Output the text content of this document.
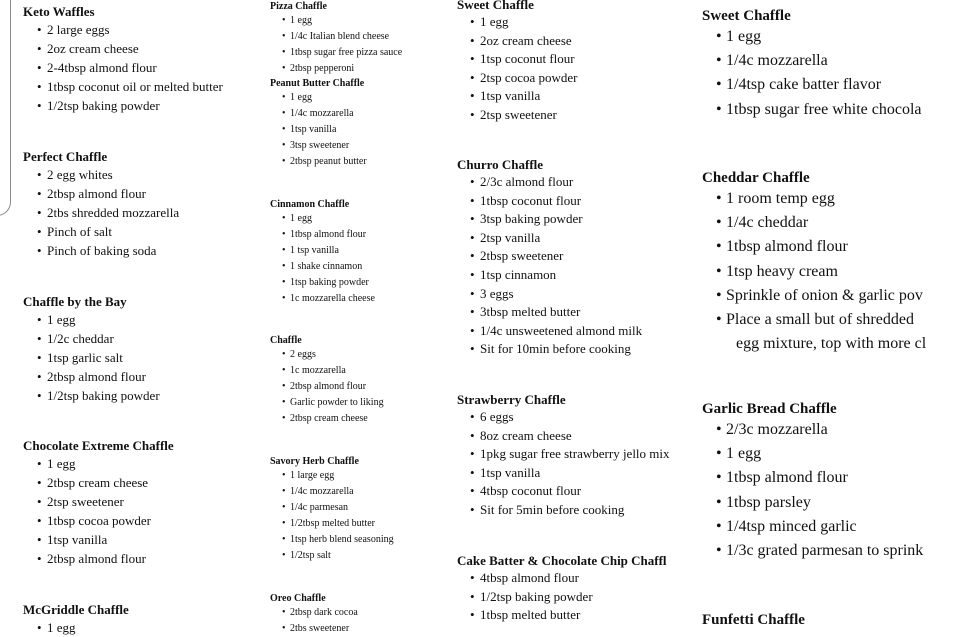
Keto Waffles
• 2 large eggs
• 2oz cream cheese
• 2-4tbsp almond flour
• 1tbsp coconut oil or melted butter
• 1/2tsp baking powder
Perfect Chaffle
• 2 egg whites
• 2tbsp almond flour
• 2tbs shredded mozzarella
• Pinch of salt
• Pinch of baking soda
Chaffle by the Bay
• 1 egg
• 1/2c cheddar
• 1tsp garlic salt
• 2tbsp almond flour
• 1/2tsp baking powder
Chocolate Extreme Chaffle
• 1 egg
• 2tbsp cream cheese
• 2tsp sweetener
• 1tbsp cocoa powder
• 1tsp vanilla
• 2tbsp almond flour
McGriddle Chaffle
• 1 egg
Pizza Chaffle
• 1 egg
• 1/4c Italian blend cheese
• 1tbsp sugar free pizza sauce
• 2tbsp pepperoni
Peanut Butter Chaffle
• 1 egg
• 1/4c mozzarella
• 1tsp vanilla
• 3tsp sweetener
• 2tbsp peanut butter
Cinnamon Chaffle
• 1 egg
• 1tbsp almond flour
• 1 tsp vanilla
• 1 shake cinnamon
• 1tsp baking powder
• 1c mozzarella cheese
Chaffle
• 2 eggs
• 1c mozzarella
• 2tbsp almond flour
• Garlic powder to liking
• 2tbsp cream cheese
Savory Herb Chaffle
• 1 large egg
• 1/4c mozzarella
• 1/4c parmesan
• 1/2tbsp melted butter
• 1tsp herb blend seasoning
• 1/2tsp salt
Oreo Chaffle
• 2tbsp dark cocoa
• 2tbs sweetener
Sweet Chaffle
• 1 egg
• 2oz cream cheese
• 1tsp coconut flour
• 2tsp cocoa powder
• 1tsp vanilla
• 2tsp sweetener
Churro Chaffle
• 2/3c almond flour
• 1tbsp coconut flour
• 3tsp baking powder
• 2tsp vanilla
• 2tbsp sweetener
• 1tsp cinnamon
• 3 eggs
• 3tbsp melted butter
• 1/4c unsweetened almond milk
• Sit for 10min before cooking
Strawberry Chaffle
• 6 eggs
• 8oz cream cheese
• 1pkg sugar free strawberry jello mix
• 1tsp vanilla
• 4tbsp coconut flour
• Sit for 5min before cooking
Cake Batter & Chocolate Chip Chaffl
• 4tbsp almond flour
• 1/2tsp baking powder
• 1tbsp melted butter
Sweet Chaffle
• 1 egg
• 1/4c mozzarella
• 1/4tsp cake batter flavor
• 1tbsp sugar free white chocola
Cheddar Chaffle
• 1 room temp egg
• 1/4c cheddar
• 1tbsp almond flour
• 1tsp heavy cream
• Sprinkle of onion & garlic pov
• Place a small but of shredded
egg mixture, top with more cl
Garlic Bread Chaffle
• 2/3c mozzarella
• 1 egg
• 1tbsp almond flour
• 1tbsp parsley
• 1/4tsp minced garlic
• 1/3c grated parmesan to sprink
Funfetti Chaffle
